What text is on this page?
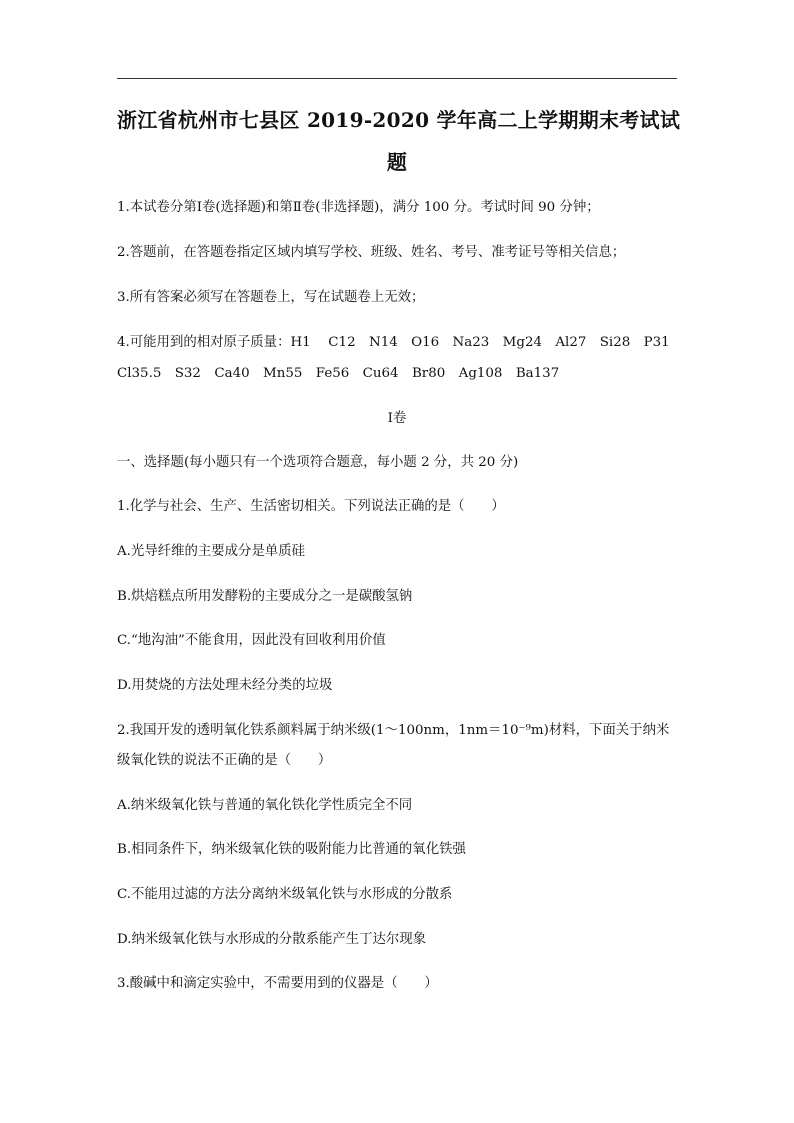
浙江省杭州市七县区 2019-2020 学年高二上学期期末考试试
题
1.本试卷分第Ⅰ卷(选择题)和第Ⅱ卷(非选择题)，满分 100 分。考试时间 90 分钟；
2.答题前，在答题卷指定区域内填写学校、班级、姓名、考号、准考证号等相关信息；
3.所有答案必须写在答题卷上，写在试题卷上无效；
4.可能用到的相对原子质量：H1　 C12　N14　O16　Na23　Mg24　Al27　Si28　P31
Cl35.5　S32　Ca40　Mn55　Fe56　Cu64　Br80　Ag108　Ba137
Ⅰ卷
一、选择题(每小题只有一个选项符合题意，每小题 2 分，共 20 分)
1.化学与社会、生产、生活密切相关。下列说法正确的是（　　）
A.光导纤维的主要成分是单质硅
B.烘焙糕点所用发酵粉的主要成分之一是碳酸氢钠
C.“地沟油”不能食用，因此没有回收利用价值
D.用焚烧的方法处理未经分类的垃圾
2.我国开发的透明氧化铁系颜料属于纳米级(1～100nm，1nm＝10⁻⁹m)材料，下面关于纳米
级氧化铁的说法不正确的是（　　）
A.纳米级氧化铁与普通的氧化铁化学性质完全不同
B.相同条件下，纳米级氧化铁的吸附能力比普通的氧化铁强
C.不能用过滤的方法分离纳米级氧化铁与水形成的分散系
D.纳米级氧化铁与水形成的分散系能产生丁达尔现象
3.酸碱中和滴定实验中，不需要用到的仪器是（　　）
